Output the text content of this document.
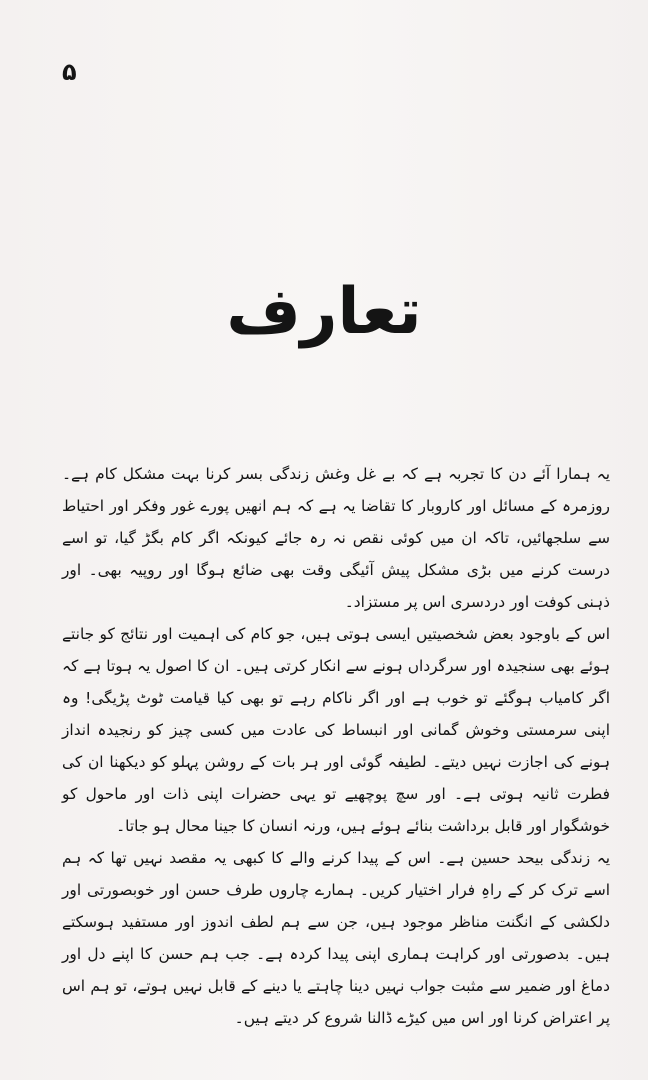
۵
تعارف

یہ ہمارا آئے دن کا تجربہ ہے کہ بے غل وغش زندگی بسر کرنا بہت مشکل کام ہے۔ روزمرہ کے مسائل اور کاروبار کا تقاضا یہ ہے کہ ہم انھیں پورے غور وفکر اور احتیاط سے سلجھائیں، تاکہ ان میں کوئی نقص نہ رہ جائے کیونکہ اگر کام بگڑ گیا، تو اسے درست کرنے میں بڑی مشکل پیش آئیگی وقت بھی ضائع ہوگا اور روپیہ بھی۔ اور ذہنی کوفت اور دردسری اس پر مستزاد۔

اس کے باوجود بعض شخصیتیں ایسی ہوتی ہیں، جو کام کی اہمیت اور نتائج کو جانتے ہوئے بھی سنجیدہ اور سرگرداں ہونے سے انکار کرتی ہیں۔ ان کا اصول یہ ہوتا ہے کہ اگر کامیاب ہوگئے تو خوب ہے اور اگر ناکام رہے تو بھی کیا قیامت ٹوٹ پڑیگی! وہ اپنی سرمستی وخوش گمانی اور انبساط کی عادت میں کسی چیز کو رنجیدہ انداز ہونے کی اجازت نہیں دیتے۔ لطیفہ گوئی اور ہر بات کے روشن پہلو کو دیکھنا ان کی فطرت ثانیہ ہوتی ہے۔ اور سچ پوچھیے تو یہی حضرات اپنی ذات اور ماحول کو خوشگوار اور قابل برداشت بنائے ہوئے ہیں، ورنہ انسان کا جینا محال ہو جاتا۔

یہ زندگی بیحد حسین ہے۔ اس کے پیدا کرنے والے کا کبھی یہ مقصد نہیں تھا کہ ہم اسے ترک کر کے راہِ فرار اختیار کریں۔ ہمارے چاروں طرف حسن اور خوبصورتی اور دلکشی کے انگنت مناظر موجود ہیں، جن سے ہم لطف اندوز اور مستفید ہوسکتے ہیں۔ بدصورتی اور کراہت ہماری اپنی پیدا کردہ ہے۔ جب ہم حسن کا اپنے دل اور دماغ اور ضمیر سے مثبت جواب نہیں دینا چاہتے یا دینے کے قابل نہیں ہوتے، تو ہم اس پر اعتراض کرنا اور اس میں کیڑے ڈالنا شروع کر دیتے ہیں۔
